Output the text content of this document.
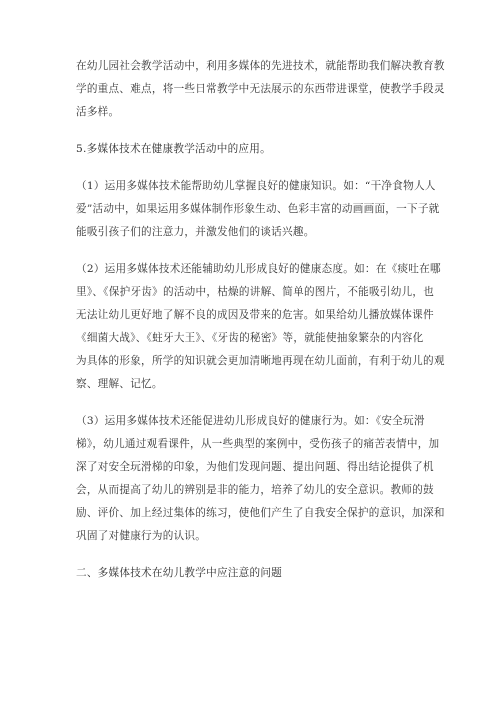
在幼儿园社会教学活动中，利用多媒体的先进技术，就能帮助我们解决教育教

学的重点、难点，将一些日常教学中无法展示的东西带进课堂，使教学手段灵

活多样。

5.多媒体技术在健康教学活动中的应用。

（1）运用多媒体技术能帮助幼儿掌握良好的健康知识。如：“干净食物人人

爱”活动中，如果运用多媒体制作形象生动、色彩丰富的动画画面，一下子就

能吸引孩子们的注意力，并激发他们的谈话兴趣。

（2）运用多媒体技术还能辅助幼儿形成良好的健康态度。如：在《痰吐在哪

里》、《保护牙齿》的活动中，枯燥的讲解、简单的图片，不能吸引幼儿，也

无法让幼儿更好地了解不良的成因及带来的危害。如果给幼儿播放媒体课件

《细菌大战》、《蛀牙大王》、《牙齿的秘密》等，就能使抽象繁杂的内容化

为具体的形象，所学的知识就会更加清晰地再现在幼儿面前，有利于幼儿的观

察、理解、记忆。

（3）运用多媒体技术还能促进幼儿形成良好的健康行为。如：《安全玩滑

梯》，幼儿通过观看课件，从一些典型的案例中，受伤孩子的痛苦表情中，加

深了对安全玩滑梯的印象，为他们发现问题、提出问题、得出结论提供了机

会，从而提高了幼儿的辨别是非的能力，培养了幼儿的安全意识。教师的鼓

励、评价、加上经过集体的练习，使他们产生了自我安全保护的意识，加深和

巩固了对健康行为的认识。

二、多媒体技术在幼儿教学中应注意的问题
